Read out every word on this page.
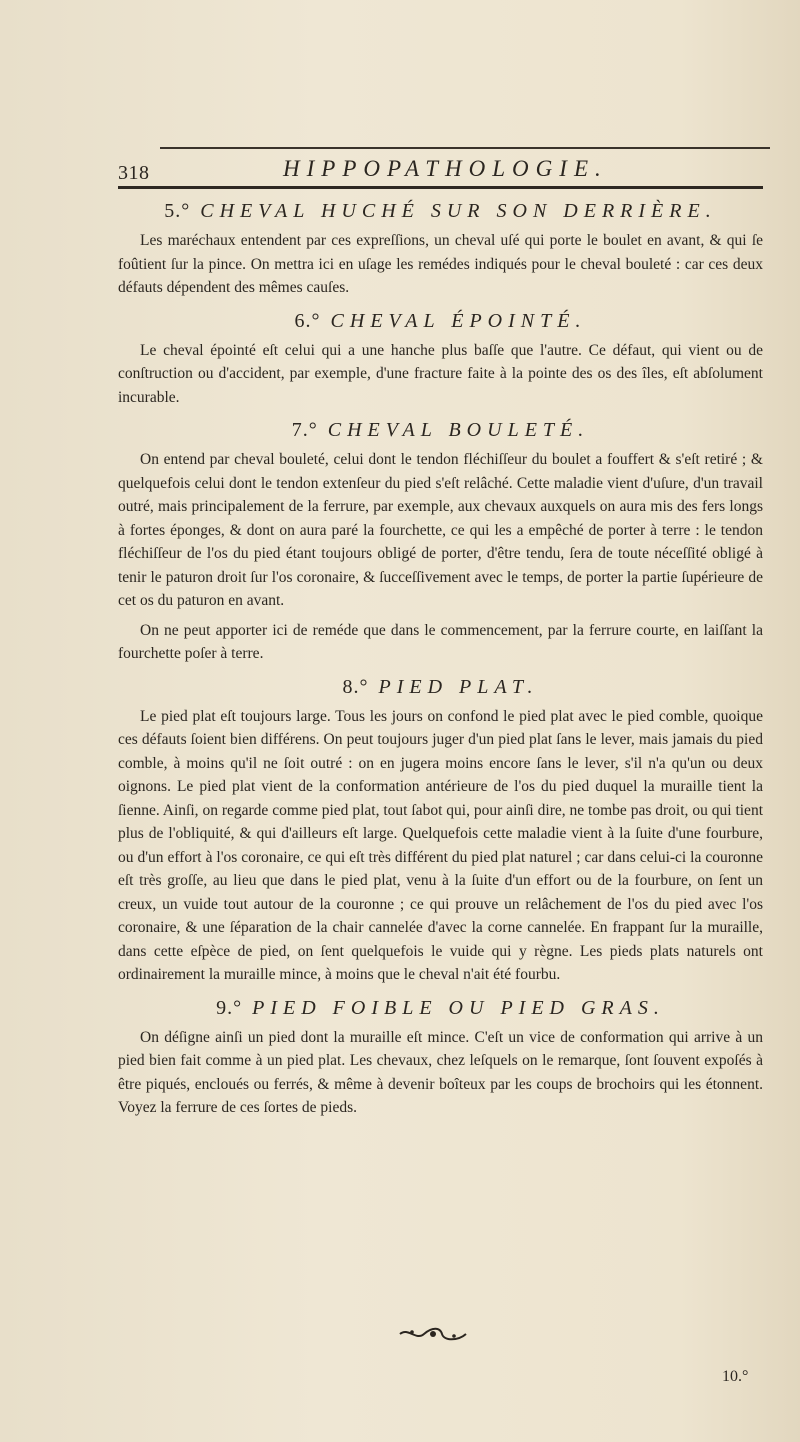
318	HIPPOPATHOLOGIE.
5.° CHEVAL HUCHÉ SUR SON DERRIÈRE.

Les maréchaux entendent par ces expreſſions, un cheval uſé qui porte le boulet en avant, & qui ſe foûtient ſur la pince. On mettra ici en uſage les remédes indiqués pour le cheval bouleté : car ces deux défauts dépendent des mêmes cauſes.

6.° CHEVAL ÉPOINTÉ.

Le cheval épointé eſt celui qui a une hanche plus baſſe que l'autre. Ce défaut, qui vient ou de conſtruction ou d'accident, par exemple, d'une fracture faite à la pointe des os des îles, eſt abſolument incurable.

7.° CHEVAL BOULETÉ.

On entend par cheval bouleté, celui dont le tendon fléchiſſeur du boulet a fouffert & s'eſt retiré ; & quelquefois celui dont le tendon extenſeur du pied s'eſt relâché. Cette maladie vient d'uſure, d'un travail outré, mais principalement de la ferrure, par exemple, aux chevaux auxquels on aura mis des fers longs à fortes éponges, & dont on aura paré la fourchette, ce qui les a empêché de porter à terre : le tendon fléchiſſeur de l'os du pied étant toujours obligé de porter, d'être tendu, ſera de toute néceſſité obligé à tenir le paturon droit ſur l'os coronaire, & ſucceſſivement avec le temps, de porter la partie ſupérieure de cet os du paturon en avant.

On ne peut apporter ici de reméde que dans le commencement, par la ferrure courte, en laiſſant la fourchette poſer à terre.

8.° PIED PLAT.

Le pied plat eſt toujours large. Tous les jours on confond le pied plat avec le pied comble, quoique ces défauts ſoient bien différens. On peut toujours juger d'un pied plat ſans le lever, mais jamais du pied comble, à moins qu'il ne ſoit outré : on en jugera moins encore ſans le lever, s'il n'a qu'un ou deux oignons. Le pied plat vient de la conformation antérieure de l'os du pied duquel la muraille tient la ſienne. Ainſi, on regarde comme pied plat, tout ſabot qui, pour ainſi dire, ne tombe pas droit, ou qui tient plus de l'obliquité, & qui d'ailleurs eſt large. Quelquefois cette maladie vient à la ſuite d'une fourbure, ou d'un effort à l'os coronaire, ce qui eſt très différent du pied plat naturel ; car dans celui-ci la couronne eſt très groſſe, au lieu que dans le pied plat, venu à la ſuite d'un effort ou de la fourbure, on ſent un creux, un vuide tout autour de la couronne ; ce qui prouve un relâchement de l'os du pied avec l'os coronaire, & une ſéparation de la chair cannelée d'avec la corne cannelée. En frappant ſur la muraille, dans cette eſpèce de pied, on ſent quelquefois le vuide qui y règne. Les pieds plats naturels ont ordinairement la muraille mince, à moins que le cheval n'ait été fourbu.

9.° PIED FOIBLE OU PIED GRAS.

On déſigne ainſi un pied dont la muraille eſt mince. C'eſt un vice de conformation qui arrive à un pied bien fait comme à un pied plat. Les chevaux, chez leſquels on le remarque, ſont ſouvent expoſés à être piqués, encloués ou ferrés, & même à devenir boîteux par les coups de brochoirs qui les étonnent. Voyez la ferrure de ces ſortes de pieds.

10.°
